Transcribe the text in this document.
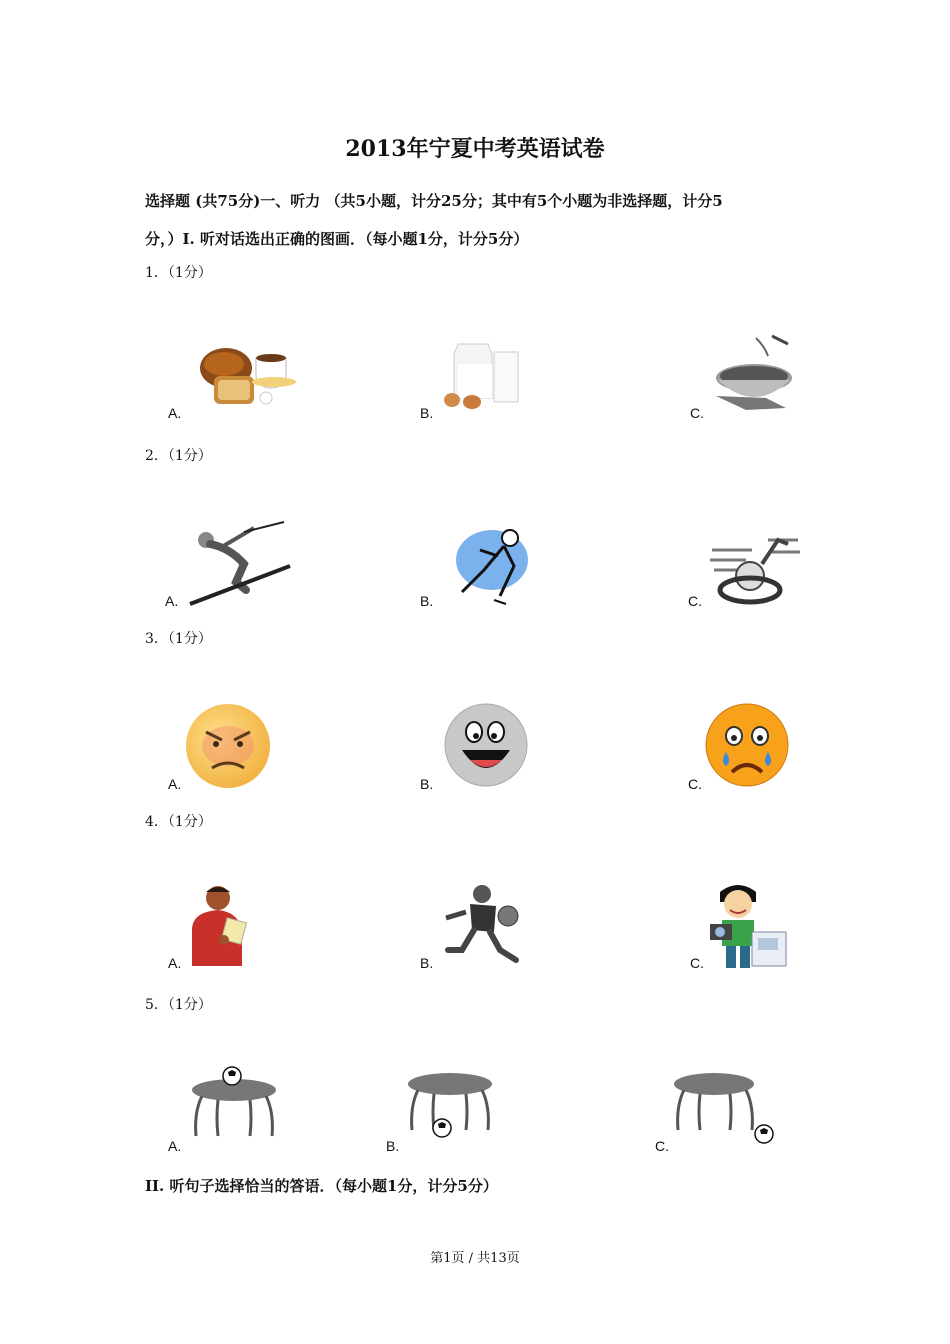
2013年宁夏中考英语试卷
选择题 (共75分)一、听力 （共5小题，计分25分；其中有5个小题为非选择题，计分5
分，）I. 听对话选出正确的图画．（每小题1分，计分5分）
1．（1分）
A.	B.	C.
2．（1分）
A.	B.	C.
3．（1分）
A.	B.	C.
4．（1分）
A.	B.	C.
5．（1分）
A.	B.	C.
II. 听句子选择恰当的答语．（每小题1分，计分5分）
第1页 / 共13页
